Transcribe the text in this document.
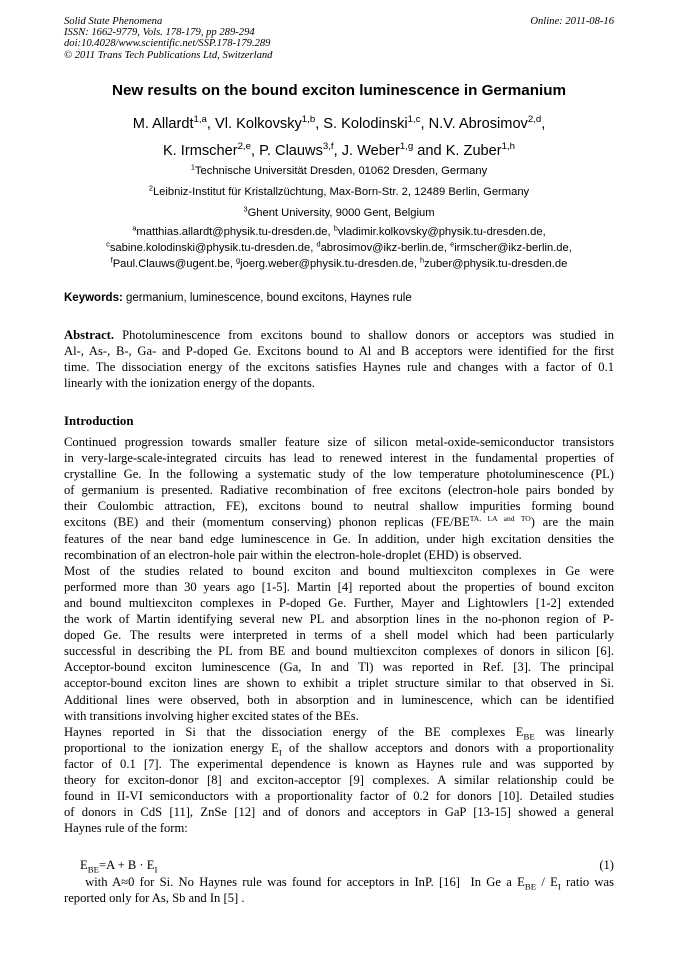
Solid State Phenomena
ISSN: 1662-9779, Vols. 178-179, pp 289-294
doi:10.4028/www.scientific.net/SSP.178-179.289
© 2011 Trans Tech Publications Ltd, Switzerland
Online: 2011-08-16
New results on the bound exciton luminescence in Germanium
M. Allardt$^{1,a}$, Vl. Kolkovsky$^{1,b}$, S. Kolodinski$^{1,c}$, N.V. Abrosimov$^{2,d}$,
K. Irmscher$^{2,e}$, P. Clauws$^{3,f}$, J. Weber$^{1,g}$ and K. Zuber$^{1,h}$
$^1$Technische Universität Dresden, 01062 Dresden, Germany
$^2$Leibniz-Institut für Kristallzüchtung, Max-Born-Str. 2, 12489 Berlin, Germany
$^3$Ghent University, 9000 Gent, Belgium
$^a$matthias.allardt@physik.tu-dresden.de, $^b$vladimir.kolkovsky@physik.tu-dresden.de,
$^c$sabine.kolodinski@physik.tu-dresden.de, $^d$abrosimov@ikz-berlin.de, $^e$irmscher@ikz-berlin.de,
$^f$Paul.Clauws@ugent.be, $^g$joerg.weber@physik.tu-dresden.de, $^h$zuber@physik.tu-dresden.de
Keywords: germanium, luminescence, bound excitons, Haynes rule
Abstract. Photoluminescence from excitons bound to shallow donors or acceptors was studied in
Al-, As-, B-, Ga- and P-doped Ge. Excitons bound to Al and B acceptors were identified for the first
time. The dissociation energy of the excitons satisfies Haynes rule and changes with a factor of 0.1
linearly with the ionization energy of the dopants.
Introduction
Continued progression towards smaller feature size of silicon metal-oxide-semiconductor transistors
in very-large-scale-integrated circuits has lead to renewed interest in the fundamental properties of
crystalline Ge. In the following a systematic study of the low temperature photoluminescence (PL)
of germanium is presented. Radiative recombination of free excitons (electron-hole pairs bonded by
their Coulombic attraction, FE), excitons bound to neutral shallow impurities forming bound
excitons (BE) and their (momentum conserving) phonon replicas $(FE/BE^{TA, LA and TO})$ are the main
features of the near band edge luminescence in Ge. In addition, under high excitation densities the
recombination of an electron-hole pair within the electron-hole-droplet (EHD) is observed.
Most of the studies related to bound exciton and bound multiexciton complexes in Ge were
performed more than 30 years ago [1-5]. Martin [4] reported about the properties of bound exciton
and bound multiexciton complexes in P-doped Ge. Further, Mayer and Lightowlers [1-2] extended
the work of Martin identifying several new PL and absorption lines in the no-phonon region of P-
doped Ge. The results were interpreted in terms of a shell model which had been particularly
successful in describing the PL from BE and bound multiexciton complexes of donors in silicon [6].
Acceptor-bound exciton luminescence (Ga, In and Tl) was reported in Ref. [3]. The principal
acceptor-bound exciton lines are shown to exhibit a triplet structure similar to that observed in Si.
Additional lines were observed, both in absorption and in luminescence, which can be identified
with transitions involving higher excited states of the BEs.
Haynes reported in Si that the dissociation energy of the BE complexes $E_{BE}$ was linearly
proportional to the ionization energy $E_I$ of the shallow acceptors and donors with a proportionality
factor of 0.1 [7]. The experimental dependence is known as Haynes rule and was supported by
theory for exciton-donor [8] and exciton-acceptor [9] complexes. A similar relationship could be
found in II-VI semiconductors with a proportionality factor of 0.2 for donors [10]. Detailed studies
of donors in CdS [11], ZnSe [12] and of donors and acceptors in GaP [13-15] showed a general
Haynes rule of the form:
$E_{BE}=A + B \cdot E_I$	(1)
with A≈0 for Si. No Haynes rule was found for acceptors in InP. [16]  In Ge a $E_{BE} / E_I$ ratio was
reported only for As, Sb and In [5] .
